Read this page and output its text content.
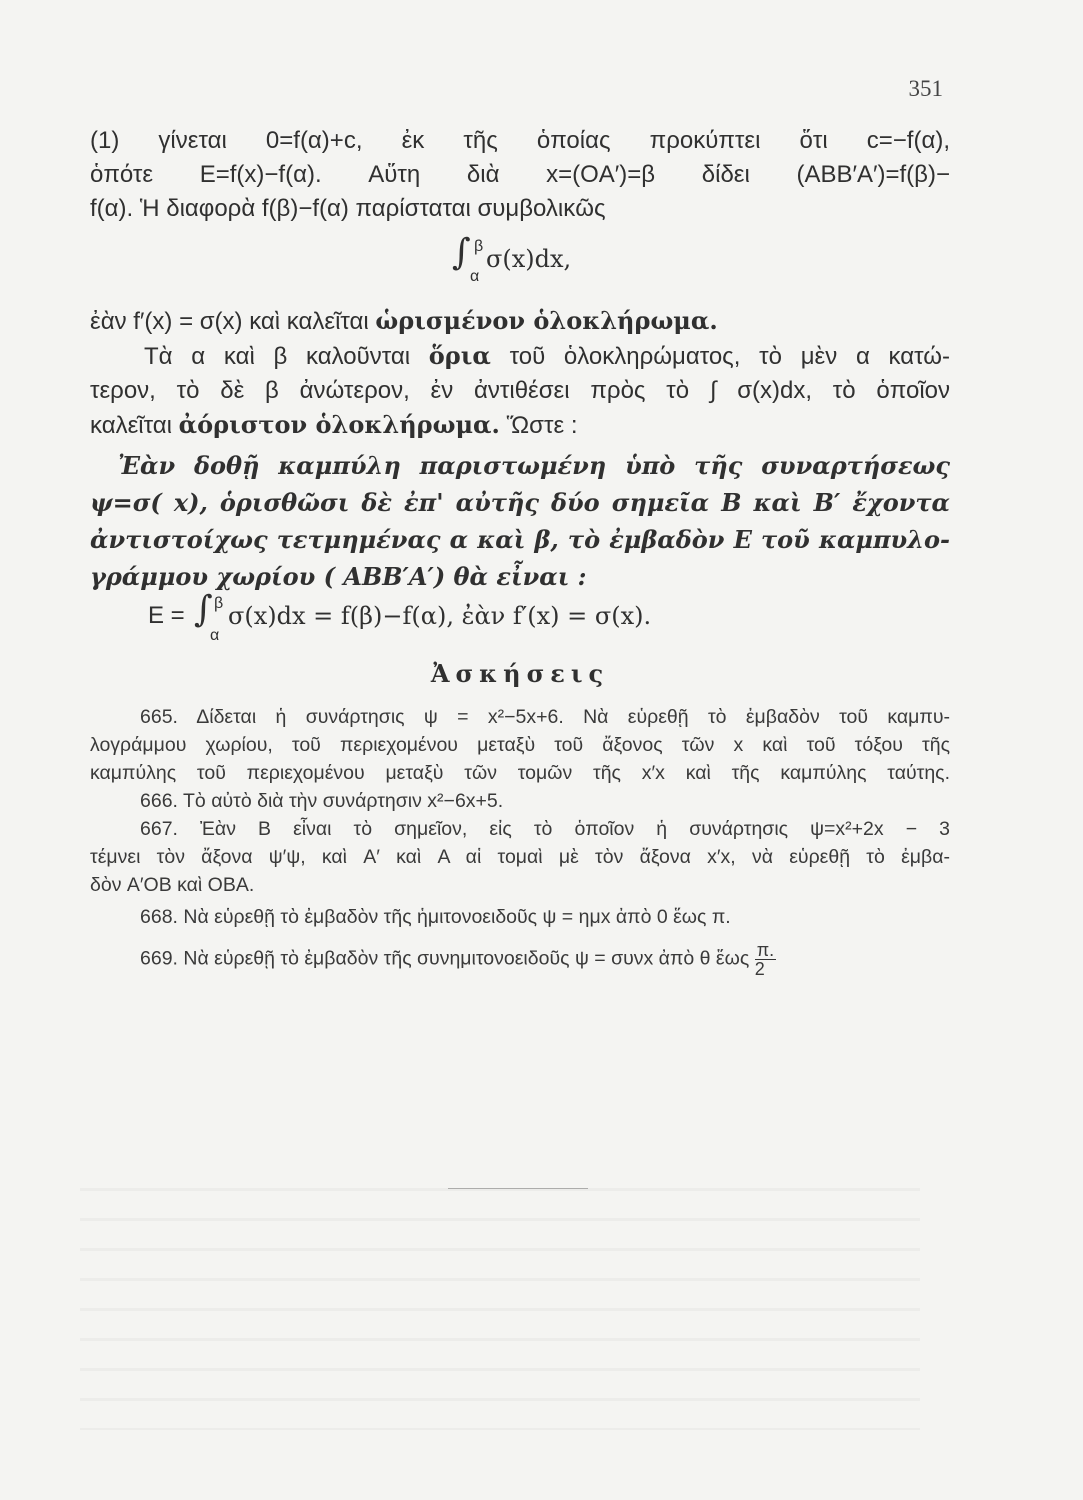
351
(1) γίνεται 0=f(α)+c, ἐκ τῆς ὁποίας προκύπτει ὅτι c=−f(α),
ὁπότε E=f(x)−f(α). Αὕτη διὰ x=(OA′)=β δίδει (ABB′A′)=f(β)−
f(α). Ἡ διαφορὰ f(β)−f(α) παρίσταται συμβολικῶς
∫ β
α
σ(x)dx,
ἐὰν f′(x) = σ(x) καὶ καλεῖται ὡρισμένον ὁλοκλήρωμα.
Τὰ α καὶ β καλοῦνται ὅρια τοῦ ὁλοκληρώματος, τὸ μὲν α κατώ-
τερον, τὸ δὲ β ἀνώτερον, ἐν ἀντιθέσει πρὸς τὸ ∫ σ(x)dx, τὸ ὁποῖον
καλεῖται ἀόριστον ὁλοκλήρωμα. Ὥστε :
Ἐὰν δοθῇ καμπύλη παριστωμένη ὑπὸ τῆς συναρτήσεως
ψ=σ( x), ὁρισθῶσι δὲ ἐπ' αὐτῆς δύο σημεῖα B καὶ B′ ἔχοντα
ἀντιστοίχως τετμημένας α καὶ β, τὸ ἐμβαδὸν E τοῦ καμπυλο-
γράμμου χωρίου ( ABB′A′) θὰ εἶναι :
E = ∫ β
α
σ(x)dx = f(β)−f(α), ἐὰν f′(x) = σ(x).
Ἀσκήσεις
665. Δίδεται ἡ συνάρτησις ψ = x²−5x+6. Νὰ εὑρεθῇ τὸ ἐμβαδὸν τοῦ καμπυ-
λογράμμου χωρίου, τοῦ περιεχομένου μεταξὺ τοῦ ἄξονος τῶν x καὶ τοῦ τόξου τῆς
καμπύλης τοῦ περιεχομένου μεταξὺ τῶν τομῶν τῆς x′x καὶ τῆς καμπύλης ταύτης.
666. Τὸ αὐτὸ διὰ τὴν συνάρτησιν x²−6x+5.
667. Ἐὰν B εἶναι τὸ σημεῖον, εἰς τὸ ὁποῖον ἡ συνάρτησις ψ=x²+2x − 3
τέμνει τὸν ἄξονα ψ′ψ, καὶ A′ καὶ A αἱ τομαὶ μὲ τὸν ἄξονα x′x, νὰ εὑρεθῇ τὸ ἐμβα-
δὸν A′OB καὶ OBA.
668. Νὰ εὑρεθῇ τὸ ἐμβαδὸν τῆς ἡμιτονοειδοῦς ψ = ημx ἀπὸ 0 ἕως π.
669. Νὰ εὑρεθῇ τὸ ἐμβαδὸν τῆς συνημιτονοειδοῦς ψ = συνx ἀπὸ θ ἕως $\frac{\pi.}{2}$
